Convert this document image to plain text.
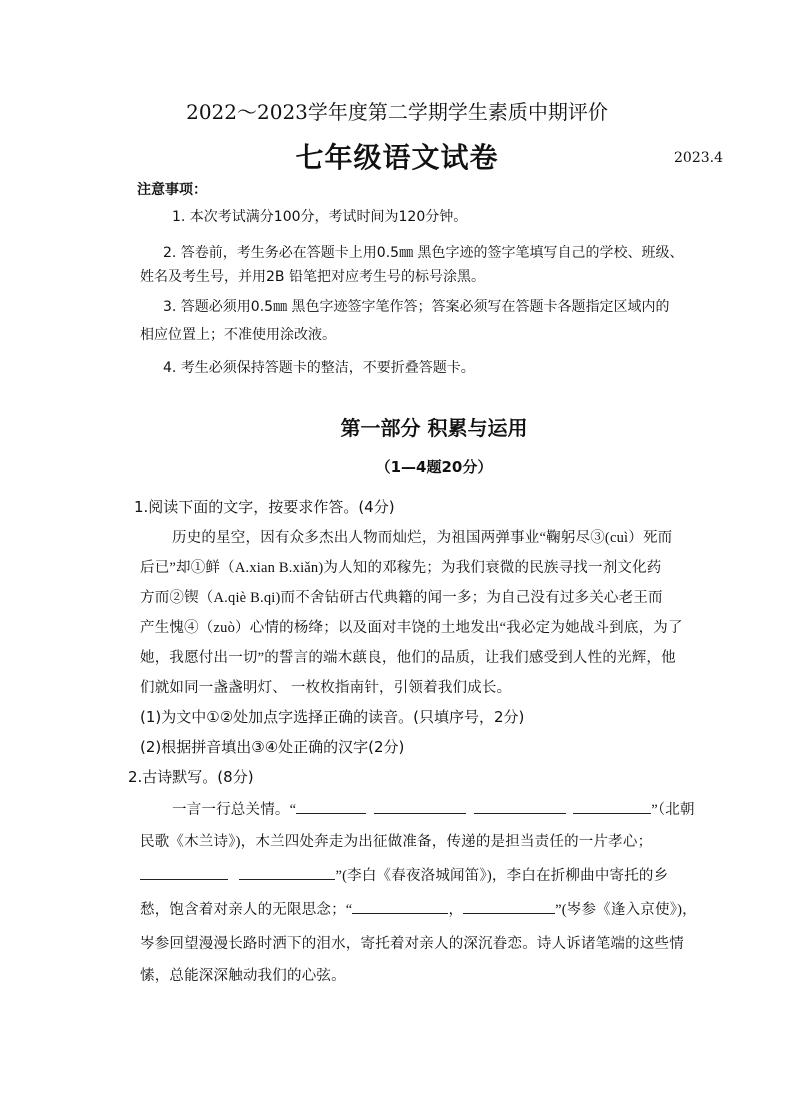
2022～2023学年度第二学期学生素质中期评价
七年级语文试卷	2023.4
注意事项：
1. 本次考试满分100分，考试时间为120分钟。
2. 答卷前，考生务必在答题卡上用0.5㎜ 黑色字迹的签字笔填写自己的学校、班级、
姓名及考生号，并用2B 铅笔把对应考生号的标号涂黑。
3. 答题必须用0.5㎜ 黑色字迹签字笔作答；答案必须写在答题卡各题指定区域内的
相应位置上；不准使用涂改液。
4. 考生必须保持答题卡的整洁，不要折叠答题卡。
第一部分 积累与运用
（1—4题20分）
1.阅读下面的文字，按要求作答。(4分)
历史的星空，因有众多杰出人物而灿烂，为祖国两弹事业“鞠躬尽③(cuì）死而
后已”却①鲜（A.xian B.xiǎn)为人知的邓稼先；为我们衰微的民族寻找一剂文化药
方而②锲（A.qiè B.qi)而不舍钻研古代典籍的闻一多；为自己没有过多关心老王而
产生愧④（zuò）心情的杨绛；以及面对丰饶的土地发出“我必定为她战斗到底，为了
她，我愿付出一切”的誓言的端木蕻良，他们的品质，让我们感受到人性的光辉，他
们就如同一盏盏明灯、 一枚枚指南针，引领着我们成长。
(1)为文中①②处加点字选择正确的读音。(只填序号，2分)
(2)根据拼音填出③④处正确的汉字(2分)
2.古诗默写。(8分)
一言一行总关情。“	”（北朝
民歌《木兰诗》)，木兰四处奔走为出征做准备，传递的是担当责任的一片孝心；
”(李白《春夜洛城闻笛》)，李白在折柳曲中寄托的乡
愁，饱含着对亲人的无限思念；“	，	”(岑参《逢入京使》)，
岑参回望漫漫长路时洒下的泪水，寄托着对亲人的深沉眷恋。诗人诉诸笔端的这些情
愫，总能深深触动我们的心弦。
